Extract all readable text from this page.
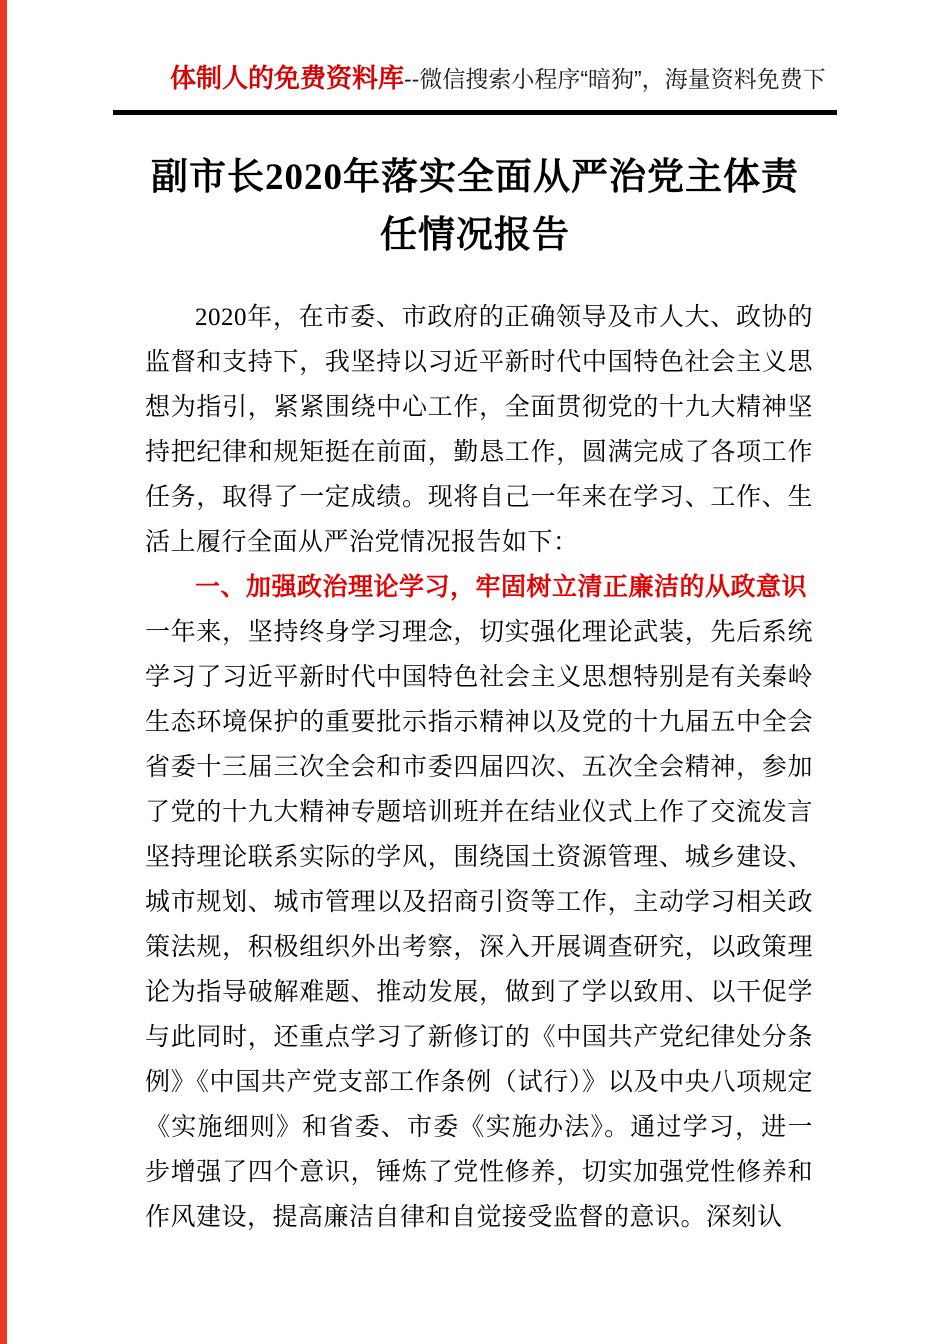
体制人的免费资料库--微信搜索小程序“暗狗”，海量资料免费下
副市长2020年落实全面从严治党主体责任情况报告

2020年，在市委、市政府的正确领导及市人大、政协的监督和支持下，我坚持以习近平新时代中国特色社会主义思想为指引，紧紧围绕中心工作，全面贯彻党的十九大精神坚持把纪律和规矩挺在前面，勤恳工作，圆满完成了各项工作任务，取得了一定成绩。现将自己一年来在学习、工作、生活上履行全面从严治党情况报告如下：

一、加强政治理论学习，牢固树立清正廉洁的从政意识

一年来，坚持终身学习理念，切实强化理论武装，先后系统学习了习近平新时代中国特色社会主义思想特别是有关秦岭生态环境保护的重要批示指示精神以及党的十九届五中全会省委十三届三次全会和市委四届四次、五次全会精神，参加了党的十九大精神专题培训班并在结业仪式上作了交流发言坚持理论联系实际的学风，围绕国土资源管理、城乡建设、城市规划、城市管理以及招商引资等工作，主动学习相关政策法规，积极组织外出考察，深入开展调查研究，以政策理论为指导破解难题、推动发展，做到了学以致用、以干促学与此同时，还重点学习了新修订的《中国共产党纪律处分条例》《中国共产党支部工作条例（试行）》以及中央八项规定《实施细则》和省委、市委《实施办法》。通过学习，进一步增强了四个意识，锤炼了党性修养，切实加强党性修养和作风建设，提高廉洁自律和自觉接受监督的意识。深刻认
